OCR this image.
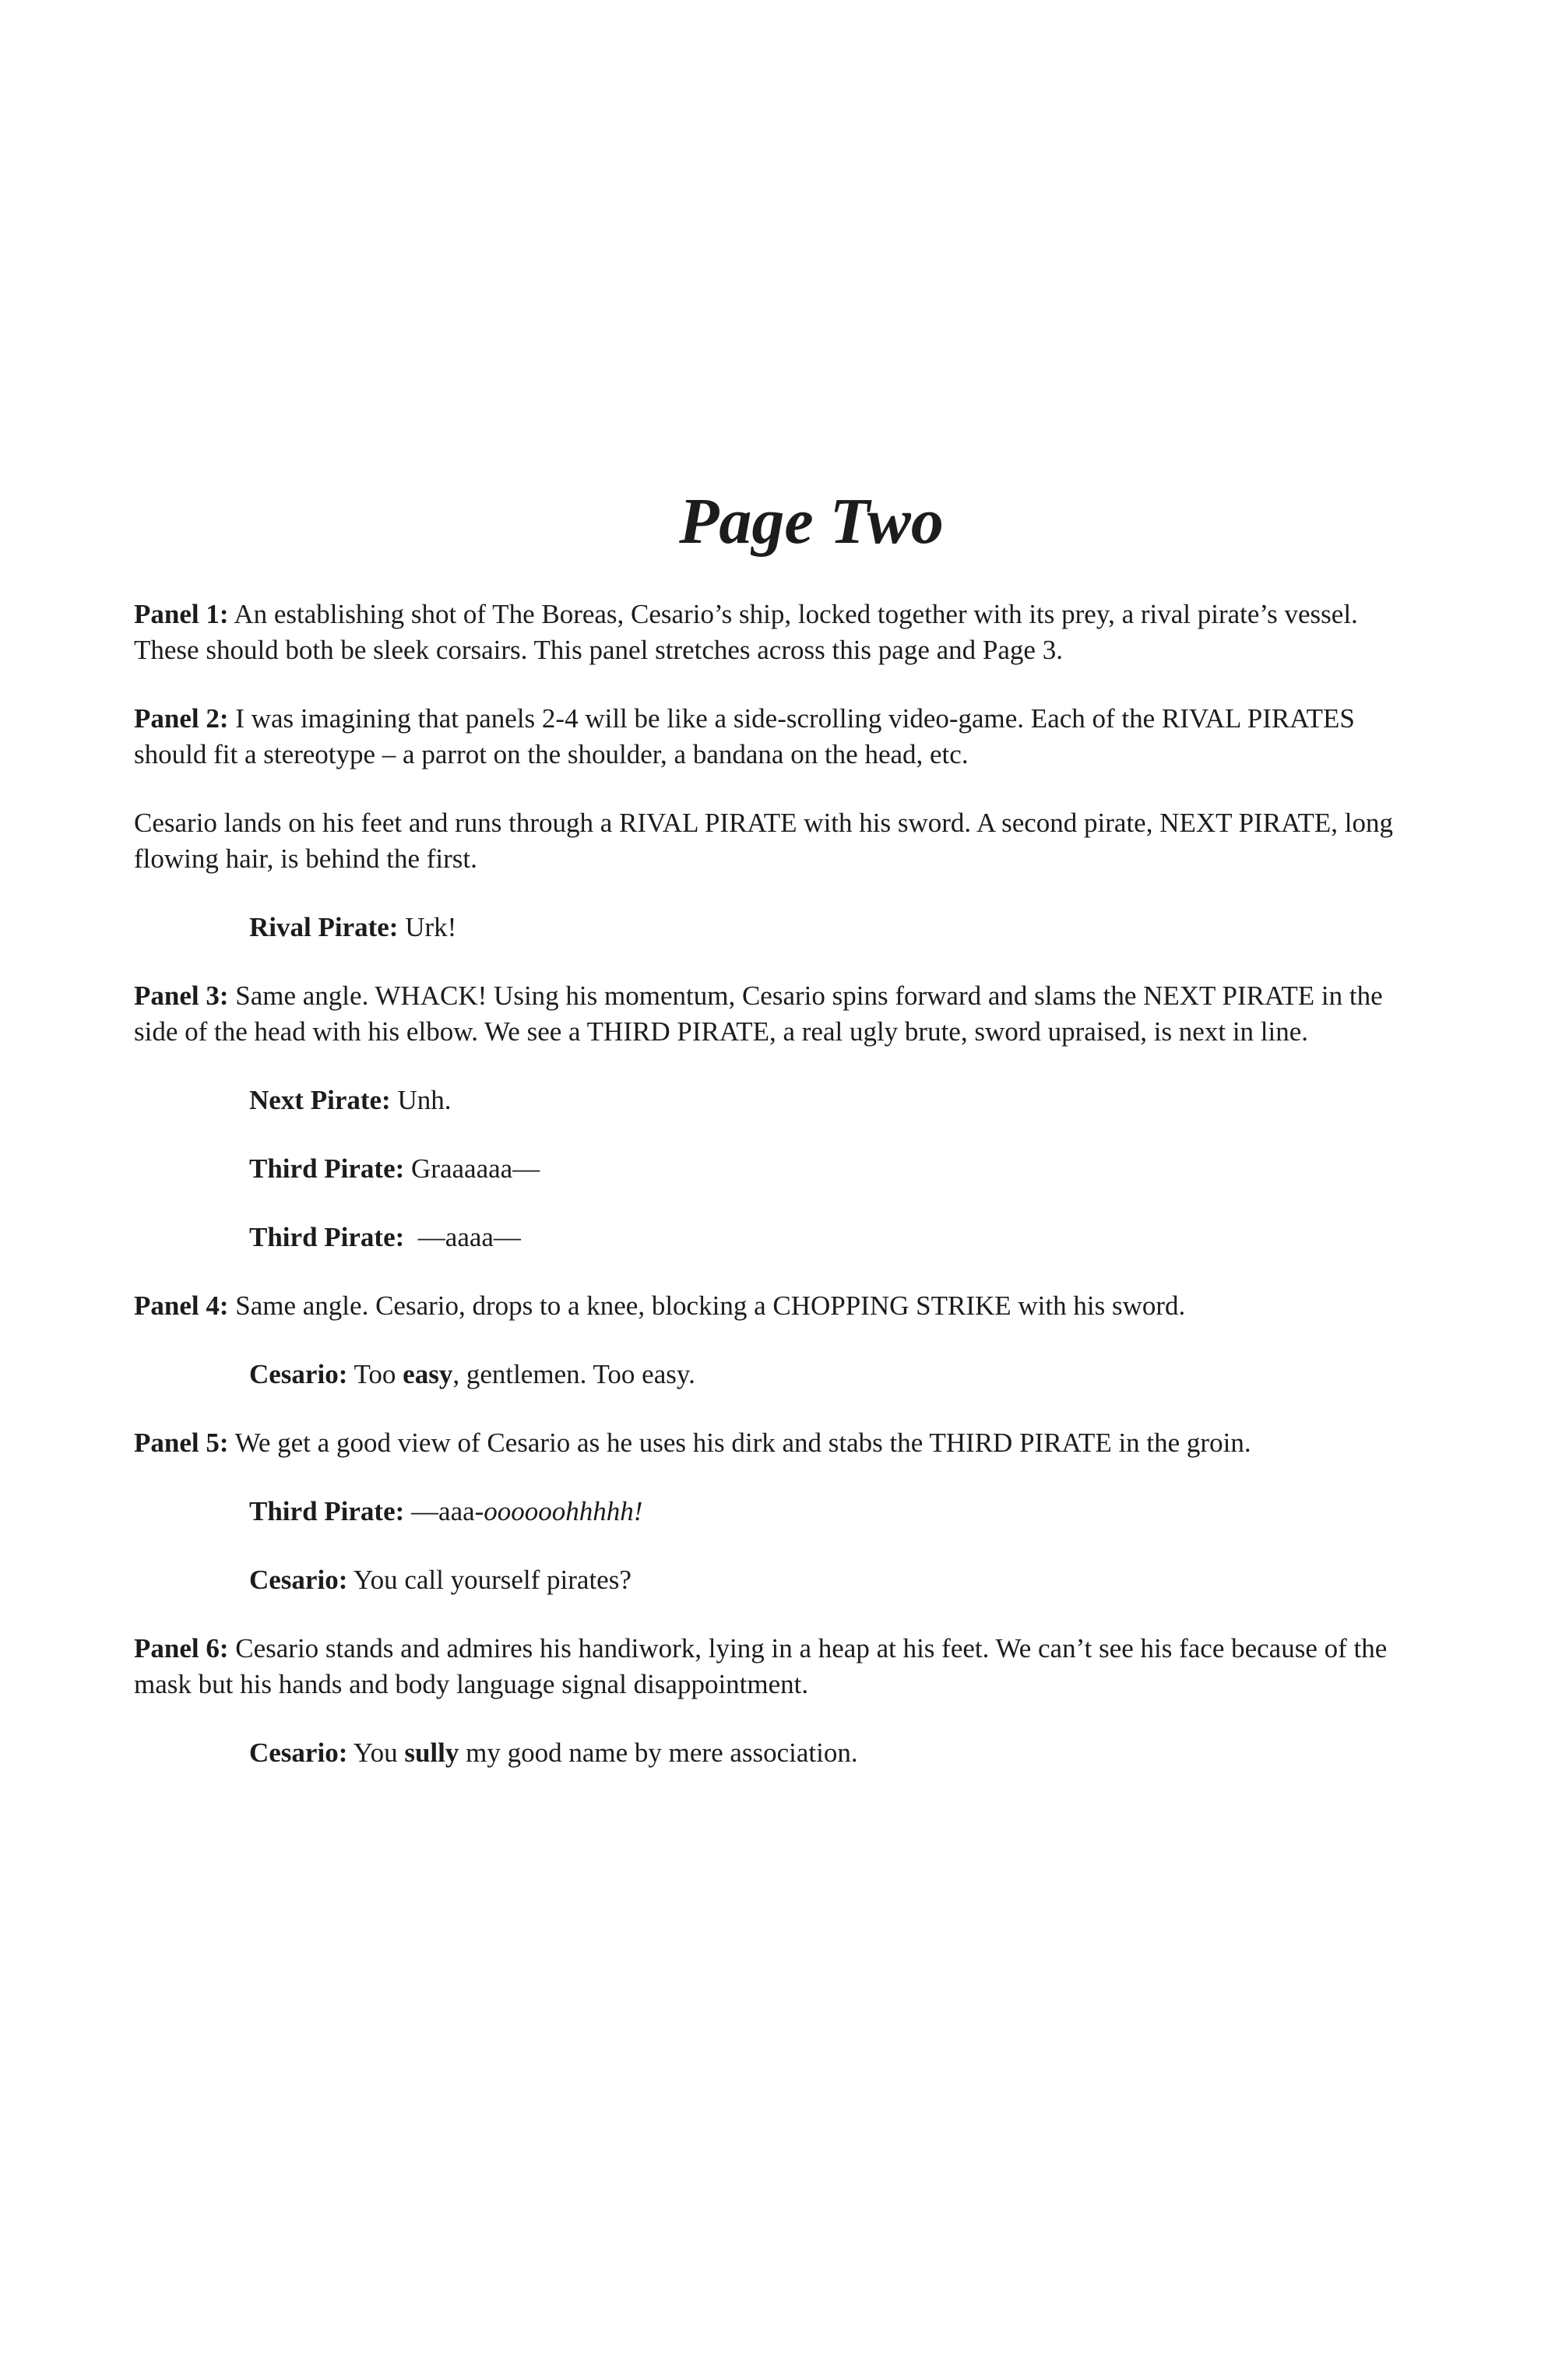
Page Two

Panel 1: An establishing shot of The Boreas, Cesario’s ship, locked together with its prey, a rival pirate’s vessel. These should both be sleek corsairs. This panel stretches across this page and Page 3.

Panel 2: I was imagining that panels 2-4 will be like a side-scrolling video-game. Each of the RIVAL PIRATES should fit a stereotype – a parrot on the shoulder, a bandana on the head, etc.

Cesario lands on his feet and runs through a RIVAL PIRATE with his sword. A second pirate, NEXT PIRATE, long flowing hair, is behind the first.

Rival Pirate: Urk!

Panel 3: Same angle. WHACK! Using his momentum, Cesario spins forward and slams the NEXT PIRATE in the side of the head with his elbow. We see a THIRD PIRATE, a real ugly brute, sword upraised, is next in line.

Next Pirate: Unh.

Third Pirate: Graaaaaa—

Third Pirate:  —aaaa—

Panel 4: Same angle. Cesario, drops to a knee, blocking a CHOPPING STRIKE with his sword.

Cesario: Too easy, gentlemen. Too easy.

Panel 5: We get a good view of Cesario as he uses his dirk and stabs the THIRD PIRATE in the groin.

Third Pirate: —aaa-oooooohhhhh!

Cesario: You call yourself pirates?

Panel 6: Cesario stands and admires his handiwork, lying in a heap at his feet. We can’t see his face because of the mask but his hands and body language signal disappointment.

Cesario: You sully my good name by mere association.
